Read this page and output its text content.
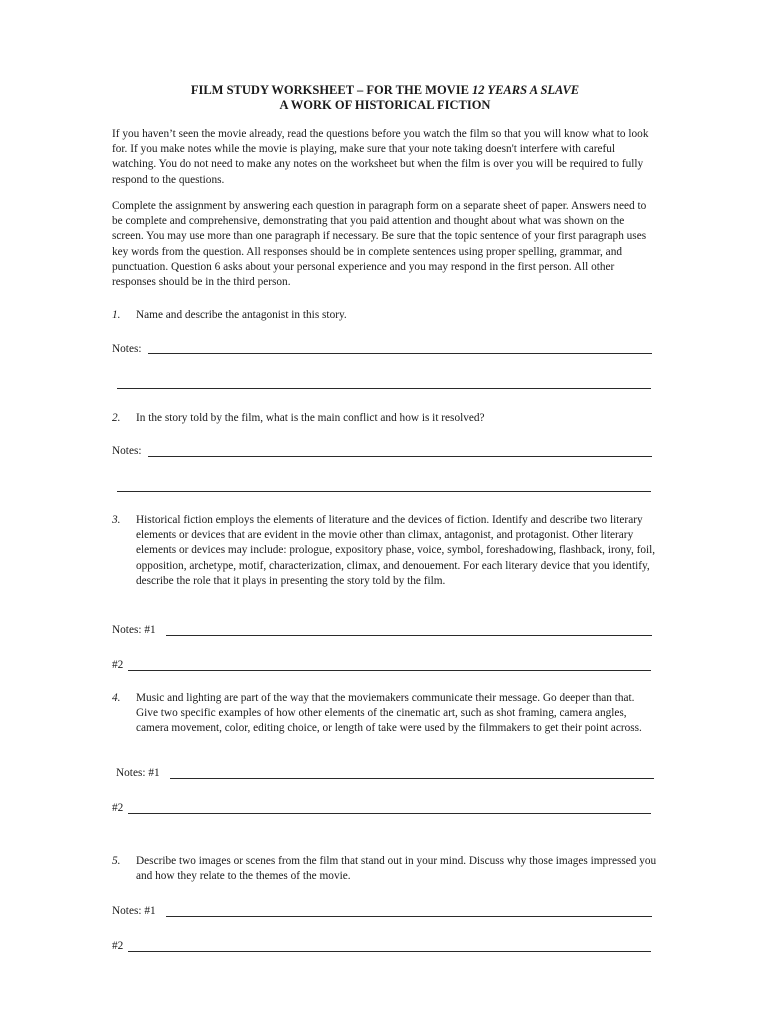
FILM STUDY WORKSHEET – FOR THE MOVIE 12 YEARS A SLAVE
A WORK OF HISTORICAL FICTION
If you haven’t seen the movie already, read the questions before you watch the film so that you will know what to look for. If you make notes while the movie is playing, make sure that your note taking doesn't interfere with careful watching. You do not need to make any notes on the worksheet but when the film is over you will be required to fully respond to the questions.
Complete the assignment by answering each question in paragraph form on a separate sheet of paper. Answers need to be complete and comprehensive, demonstrating that you paid attention and thought about what was shown on the screen. You may use more than one paragraph if necessary. Be sure that the topic sentence of your first paragraph uses key words from the question. All responses should be in complete sentences using proper spelling, grammar, and punctuation. Question 6 asks about your personal experience and you may respond in the first person. All other responses should be in the third person.
1. Name and describe the antagonist in this story.
Notes:
2. In the story told by the film, what is the main conflict and how is it resolved?
Notes:
3. Historical fiction employs the elements of literature and the devices of fiction. Identify and describe two literary elements or devices that are evident in the movie other than climax, antagonist, and protagonist. Other literary elements or devices may include: prologue, expository phase, voice, symbol, foreshadowing, flashback, irony, foil, opposition, archetype, motif, characterization, climax, and denouement. For each literary device that you identify, describe the role that it plays in presenting the story told by the film.
Notes: #1
#2
4. Music and lighting are part of the way that the moviemakers communicate their message. Go deeper than that. Give two specific examples of how other elements of the cinematic art, such as shot framing, camera angles, camera movement, color, editing choice, or length of take were used by the filmmakers to get their point across.
Notes: #1
#2
5. Describe two images or scenes from the film that stand out in your mind. Discuss why those images impressed you and how they relate to the themes of the movie.
Notes: #1
#2
